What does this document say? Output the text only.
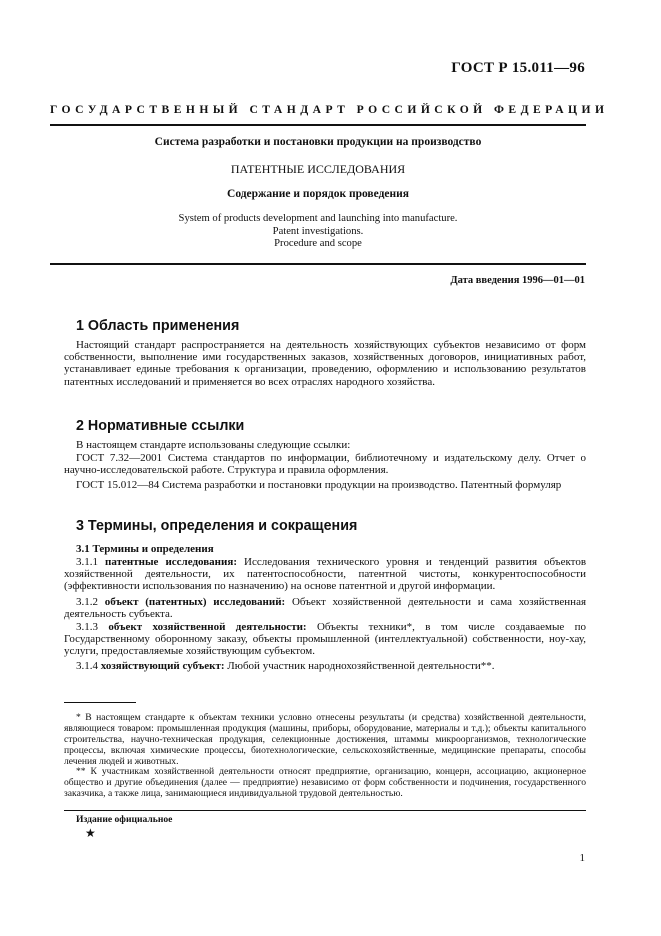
ГОСТ Р 15.011—96
ГОСУДАРСТВЕННЫЙ СТАНДАРТ РОССИЙСКОЙ ФЕДЕРАЦИИ
Система разработки и постановки продукции на производство
ПАТЕНТНЫЕ ИССЛЕДОВАНИЯ
Содержание и порядок проведения
System of products development and launching into manufacture.
Patent investigations.
Procedure and scope
Дата введения 1996—01—01
1 Область применения
Настоящий стандарт распространяется на деятельность хозяйствующих субъектов независимо от форм собственности, выполнение ими государственных заказов, хозяйственных договоров, инициативных работ, устанавливает единые требования к организации, проведению, оформлению и использованию результатов патентных исследований и применяется во всех отраслях народного хозяйства.
2 Нормативные ссылки
В настоящем стандарте использованы следующие ссылки:
ГОСТ 7.32—2001 Система стандартов по информации, библиотечному и издательскому делу. Отчет о научно-исследовательской работе. Структура и правила оформления.
ГОСТ 15.012—84 Система разработки и постановки продукции на производство. Патентный формуляр
3 Термины, определения и сокращения
3.1 Термины и определения
3.1.1 патентные исследования: Исследования технического уровня и тенденций развития объектов хозяйственной деятельности, их патентоспособности, патентной чистоты, конкурентоспособности (эффективности использования по назначению) на основе патентной и другой информации.
3.1.2 объект (патентных) исследований: Объект хозяйственной деятельности и сама хозяйственная деятельность субъекта.
3.1.3 объект хозяйственной деятельности: Объекты техники*, в том числе создаваемые по Государственному оборонному заказу, объекты промышленной (интеллектуальной) собственности, ноу-хау, услуги, предоставляемые хозяйствующим субъектом.
3.1.4 хозяйствующий субъект: Любой участник народнохозяйственной деятельности**.
* В настоящем стандарте к объектам техники условно отнесены результаты (и средства) хозяйственной деятельности, являющиеся товаром: промышленная продукция (машины, приборы, оборудование, материалы и т.д.); объекты капитального строительства, научно-техническая продукция, селекционные достижения, штаммы микроорганизмов, технологические процессы, включая химические процессы, биотехнологические, сельскохозяйственные, медицинские препараты, способы лечения людей и животных.
** К участникам хозяйственной деятельности относят предприятие, организацию, концерн, ассоциацию, акционерное общество и другие объединения (далее — предприятие) независимо от форм собственности и подчинения, государственного заказчика, а также лица, занимающиеся индивидуальной трудовой деятельностью.
Издание официальное
★
1
